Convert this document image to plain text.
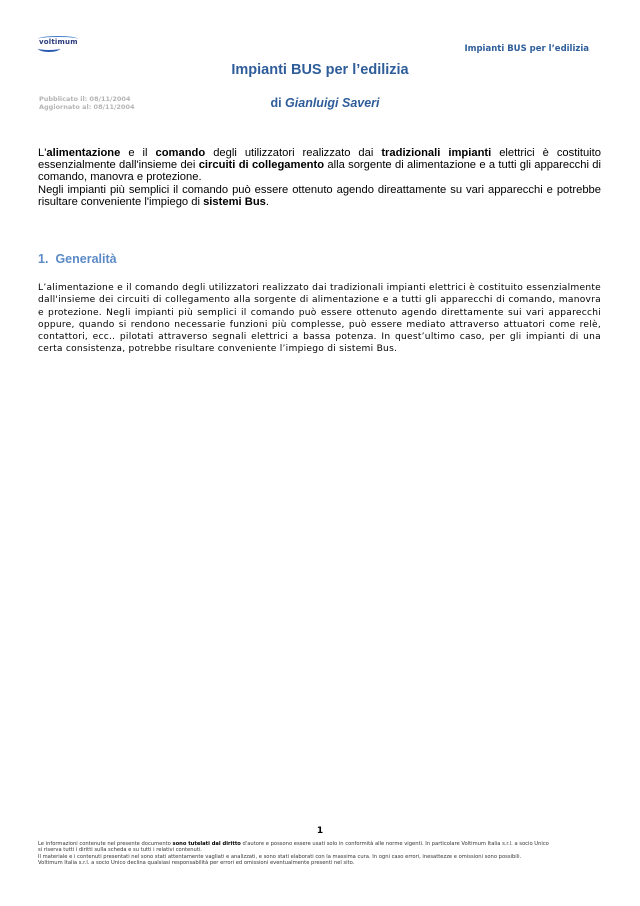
voltimum
Impianti BUS per l’edilizia
Impianti BUS per l’edilizia
Pubblicato il: 08/11/2004
Aggiornato al: 08/11/2004	di Gianluigi Saveri

L'alimentazione e il comando degli utilizzatori realizzato dai tradizionali impianti elettrici è costituito essenzialmente dall'insieme dei circuiti di collegamento alla sorgente di alimentazione e a tutti gli apparecchi di comando, manovra e protezione.

Negli impianti più semplici il comando può essere ottenuto agendo direattamente su vari apparecchi e potrebbe risultare conveniente l'impiego di sistemi Bus.

1. Generalità

L’alimentazione e il comando degli utilizzatori realizzato dai tradizionali impianti elettrici è costituito essenzialmente dall'insieme dei circuiti di collegamento alla sorgente di alimentazione e a tutti gli apparecchi di comando, manovra e protezione. Negli impianti più semplici il comando può essere ottenuto agendo direttamente sui vari apparecchi oppure, quando si rendono necessarie funzioni più complesse, può essere mediato attraverso attuatori come relè, contattori, ecc.. pilotati attraverso segnali elettrici a bassa potenza. In quest’ultimo caso, per gli impianti di una certa consistenza, potrebbe risultare conveniente l’impiego di sistemi Bus.

1

Le informazioni contenute nel presente documento sono tutelati dal diritto d'autore e possono essere usati solo in conformità alle norme vigenti. In particolare Voltimum Italia s.r.l. a socio Unico

si riserva tutti i diritti sulla scheda e su tutti i relativi contenuti.

Il materiale e i contenuti presentati nel sono stati attentamente vagliati e analizzati, e sono stati elaborati con la massima cura. In ogni caso errori, inesattezze e omissioni sono possibili.

Voltimum Italia s.r.l. a socio Unico declina qualsiasi responsabilità per errori ed omissioni eventualmente presenti nel sito.
